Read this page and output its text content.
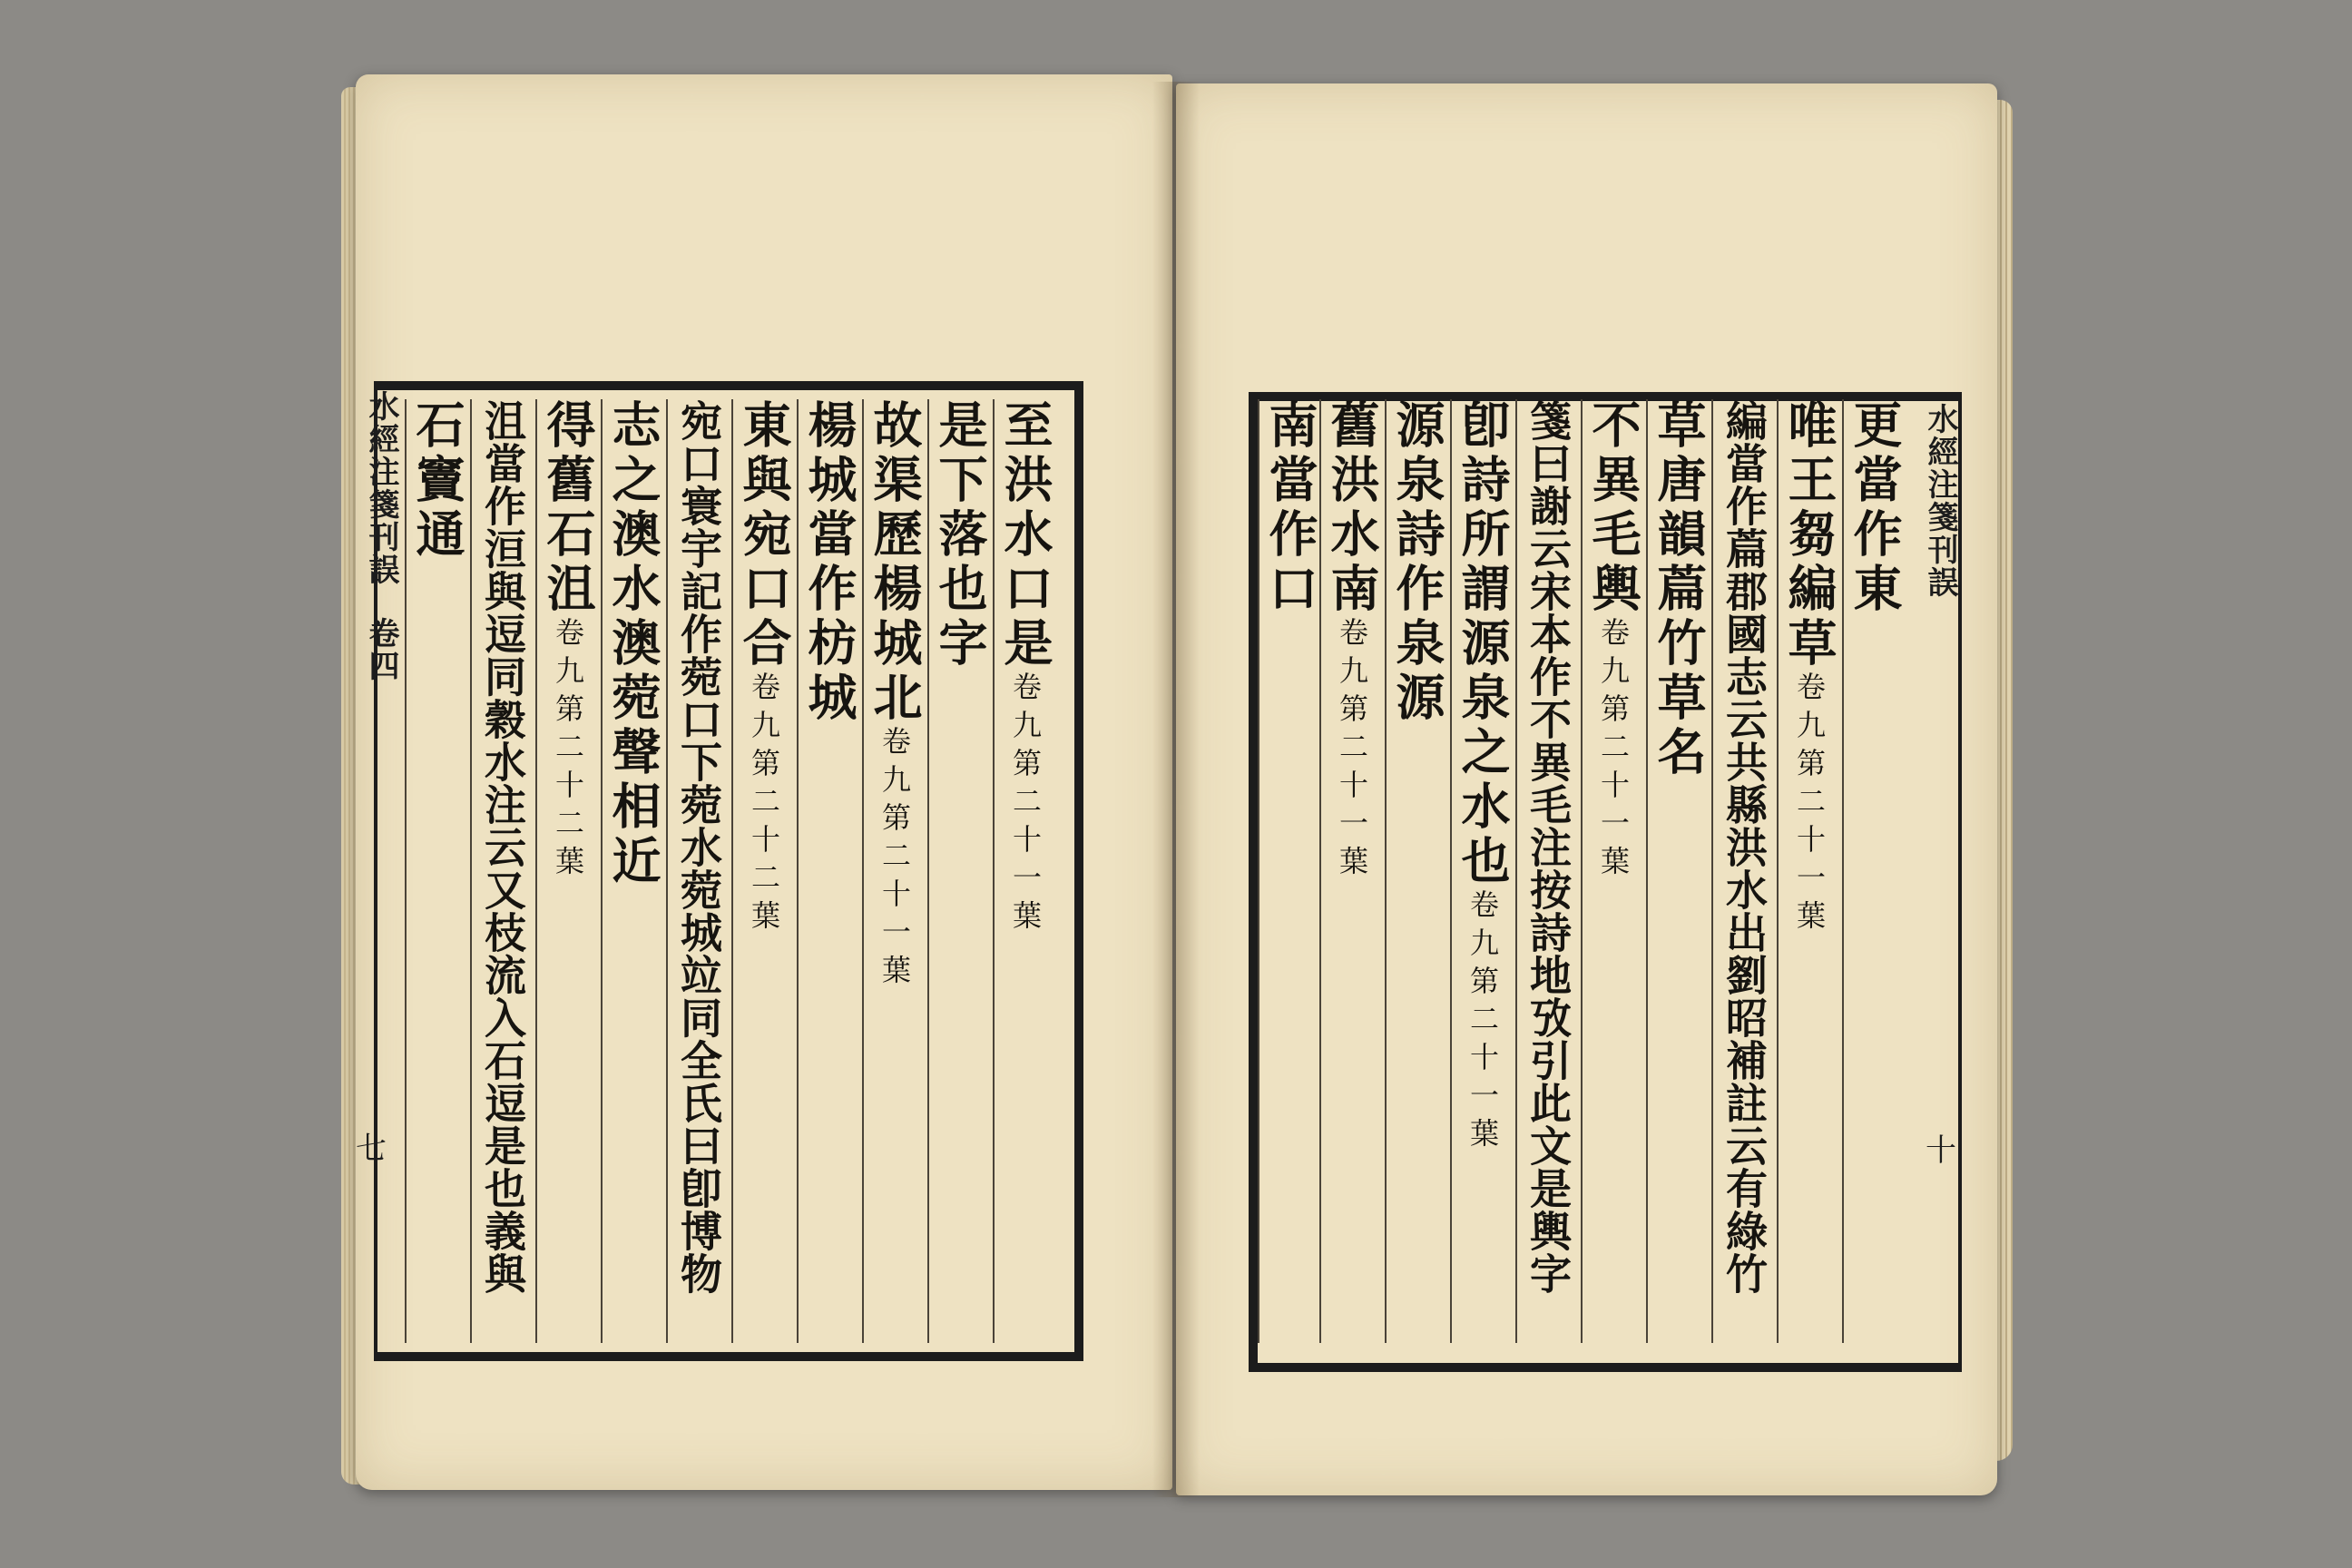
水經注箋刊誤
卷四
七
至洪水口是卷九第二十一葉
是下落也字
故渠歷楊城北卷九第二十一葉
楊城當作枋城
東與宛口合卷九第二十二葉
宛口寰宇記作菀口下菀水菀城竝同全氏曰卽博物
志之澳水澳菀聲相近
得舊石沮卷九第二十二葉
沮當作洹與逗同穀水注云又枝流入石逗是也義與
石竇通	水經注箋刊誤
十
更當作東
唯王芻編草卷九第二十一葉
編當作萹郡國志云共縣洪水出劉昭補註云有綠竹
草唐韻萹竹草名
不異毛輿卷九第二十一葉
箋曰謝云宋本作不異毛注按詩地攷引此文是輿字
卽詩所謂源泉之水也卷九第二十一葉
源泉詩作泉源
舊洪水南卷九第二十一葉
南當作口
